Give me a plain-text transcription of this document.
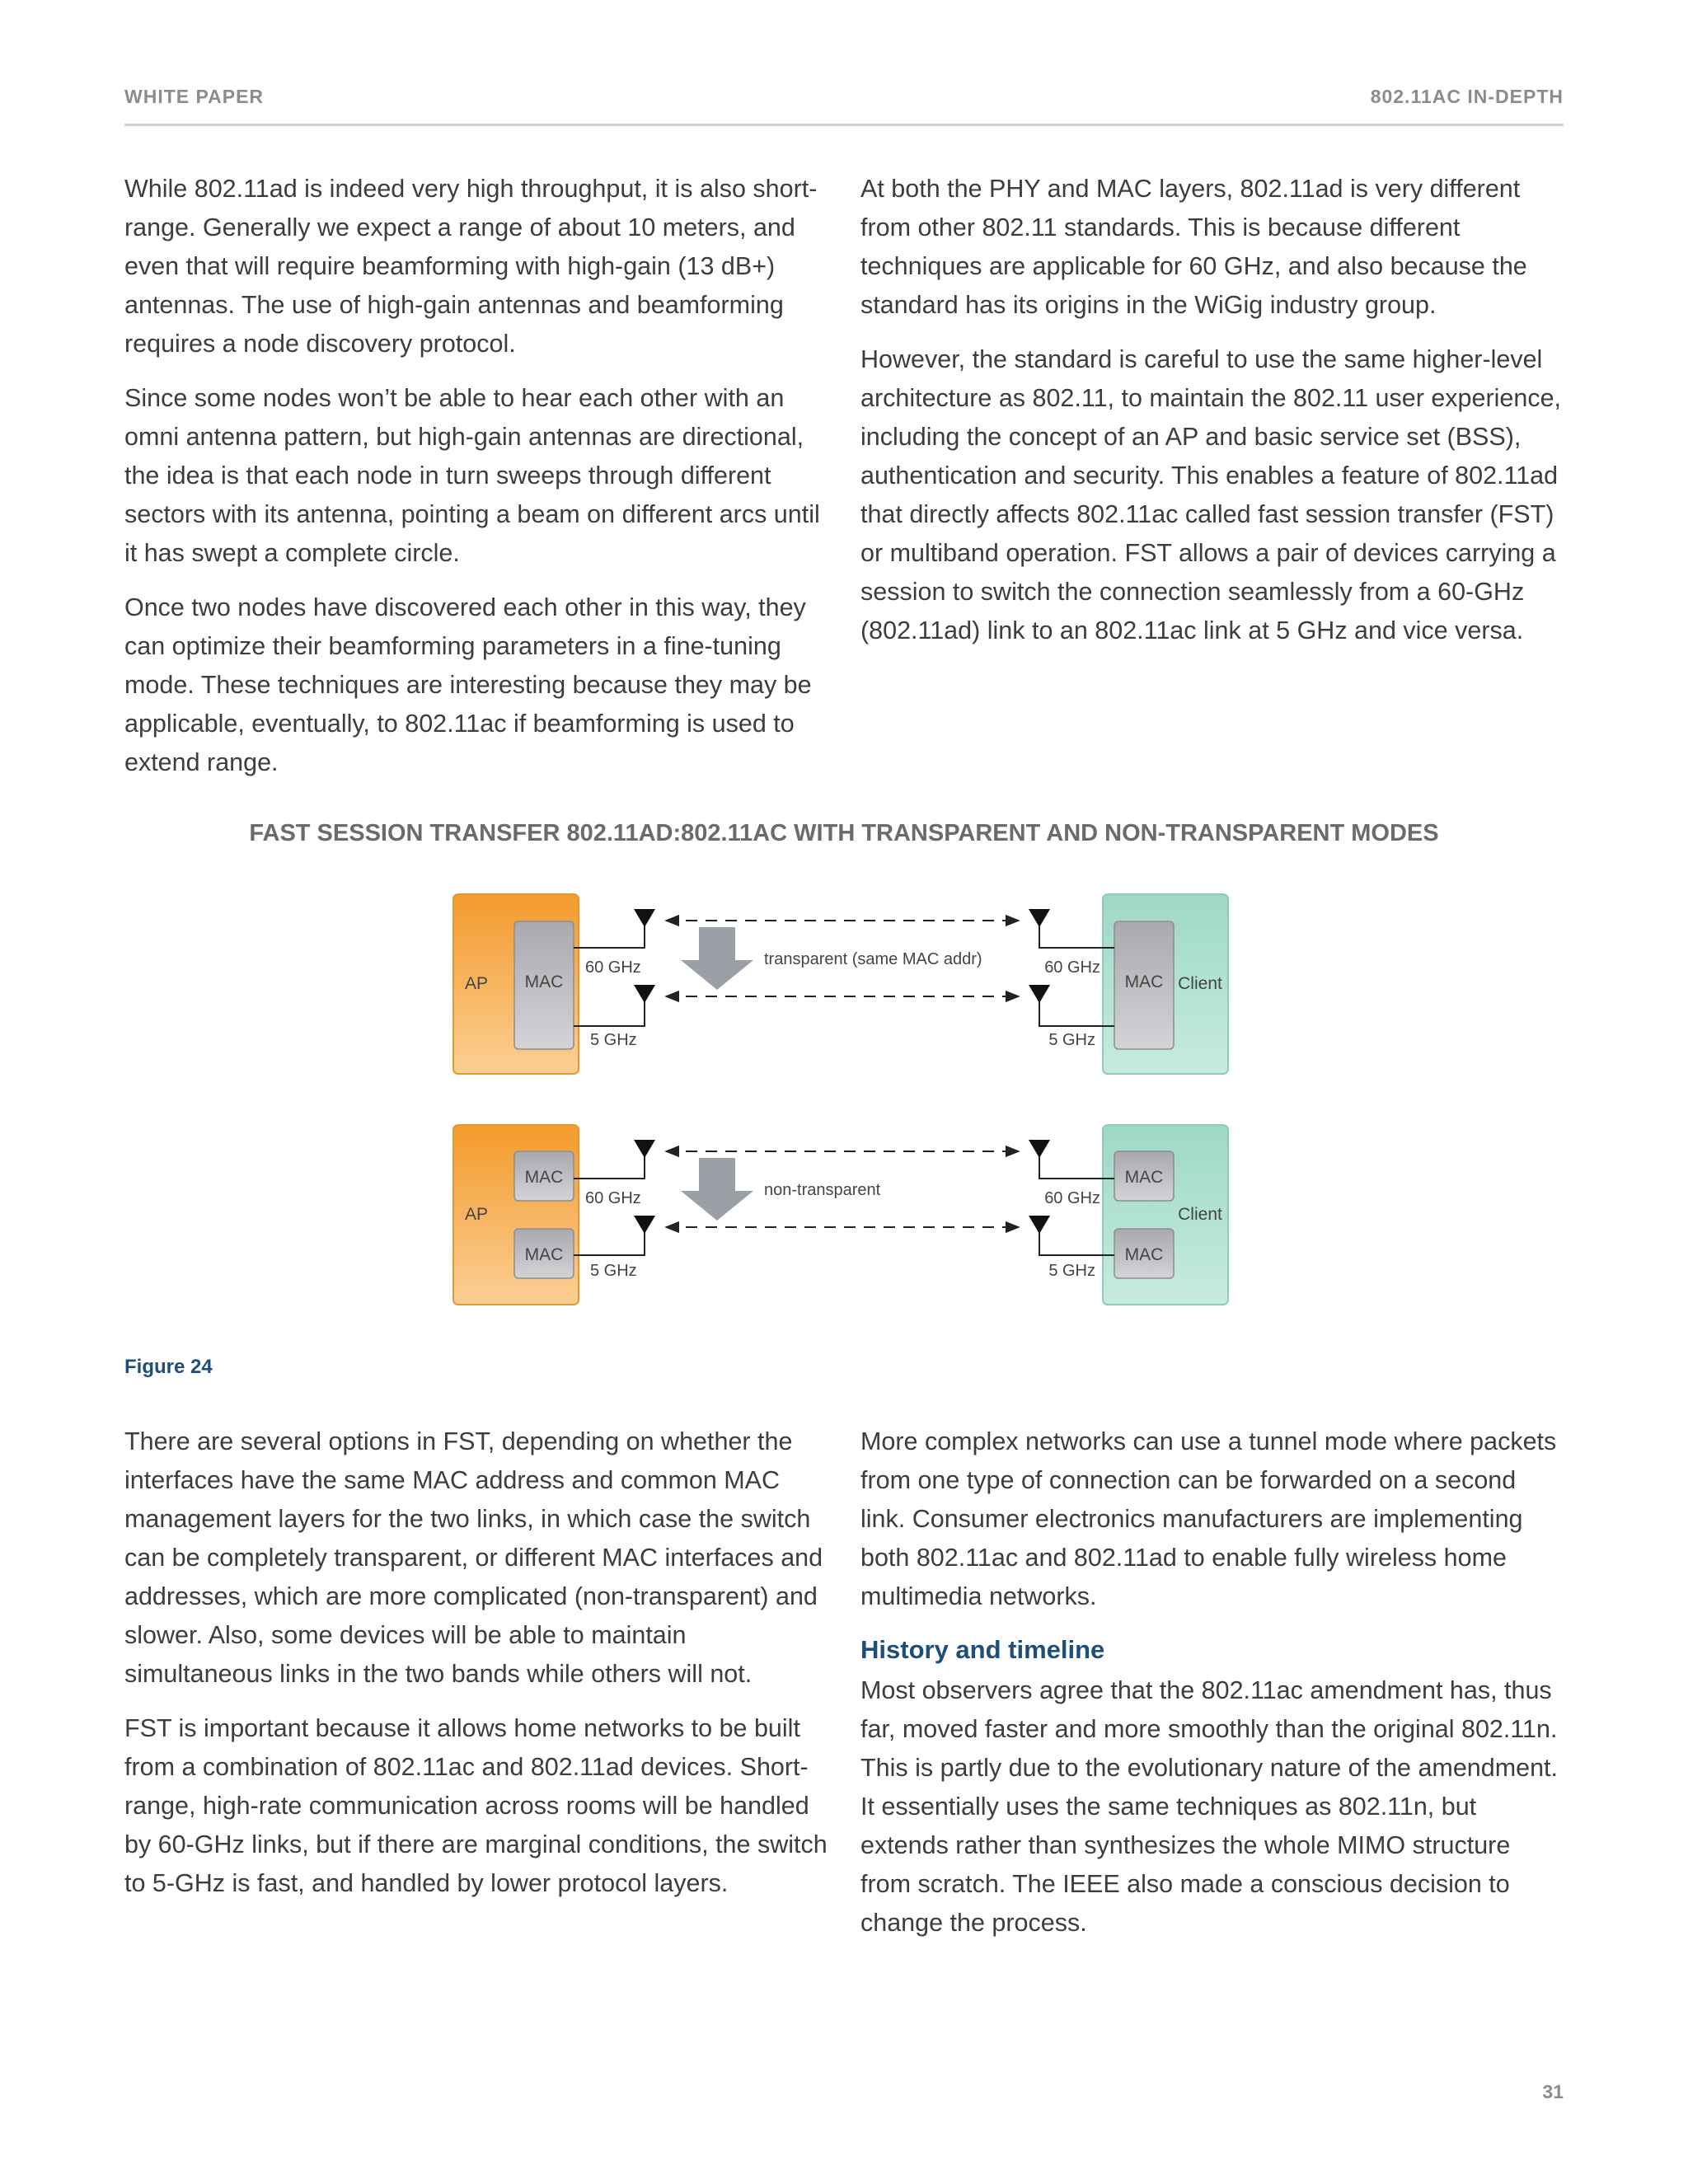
WHITE PAPER	802.11AC IN-DEPTH

While 802.11ad is indeed very high throughput, it is also short-range. Generally we expect a range of about 10 meters, and even that will require beamforming with high-gain (13 dB+) antennas. The use of high-gain antennas and beamforming requires a node discovery protocol.

Since some nodes won’t be able to hear each other with an omni antenna pattern, but high-gain antennas are directional, the idea is that each node in turn sweeps through different sectors with its antenna, pointing a beam on different arcs until it has swept a complete circle.

Once two nodes have discovered each other in this way, they can optimize their beamforming parameters in a fine-tuning mode. These techniques are interesting because they may be applicable, eventually, to 802.11ac if beamforming is used to extend range.

At both the PHY and MAC layers, 802.11ad is very different from other 802.11 standards. This is because different techniques are applicable for 60 GHz, and also because the standard has its origins in the WiGig industry group.

However, the standard is careful to use the same higher-level architecture as 802.11, to maintain the 802.11 user experience, including the concept of an AP and basic service set (BSS), authentication and security. This enables a feature of 802.11ad that directly affects 802.11ac called fast session transfer (FST) or multiband operation. FST allows a pair of devices carrying a session to switch the connection seamlessly from a 60-GHz (802.11ad) link to an 802.11ac link at 5 GHz and vice versa.

FAST SESSION TRANSFER 802.11AD:802.11AC WITH TRANSPARENT AND NON-TRANSPARENT MODES
AP MAC	Client
MAC
60 GHz
5 GHz
60 GHz
5 GHz
transparent (same MAC addr)
AP
MAC
MAC
Client
MAC
MAC
60 GHz
5 GHz
60 GHz
5 GHz
non-transparent
Figure 24

There are several options in FST, depending on whether the interfaces have the same MAC address and common MAC management layers for the two links, in which case the switch can be completely transparent, or different MAC interfaces and addresses, which are more complicated (non-transparent) and slower. Also, some devices will be able to maintain simultaneous links in the two bands while others will not.

FST is important because it allows home networks to be built from a combination of 802.11ac and 802.11ad devices. Short-range, high-rate communication across rooms will be handled by 60-GHz links, but if there are marginal conditions, the switch to 5-GHz is fast, and handled by lower protocol layers.

More complex networks can use a tunnel mode where packets from one type of connection can be forwarded on a second link. Consumer electronics manufacturers are implementing both 802.11ac and 802.11ad to enable fully wireless home multimedia networks.

History and timeline

Most observers agree that the 802.11ac amendment has, thus far, moved faster and more smoothly than the original 802.11n. This is partly due to the evolutionary nature of the amendment. It essentially uses the same techniques as 802.11n, but extends rather than synthesizes the whole MIMO structure from scratch. The IEEE also made a conscious decision to change the process.

31
